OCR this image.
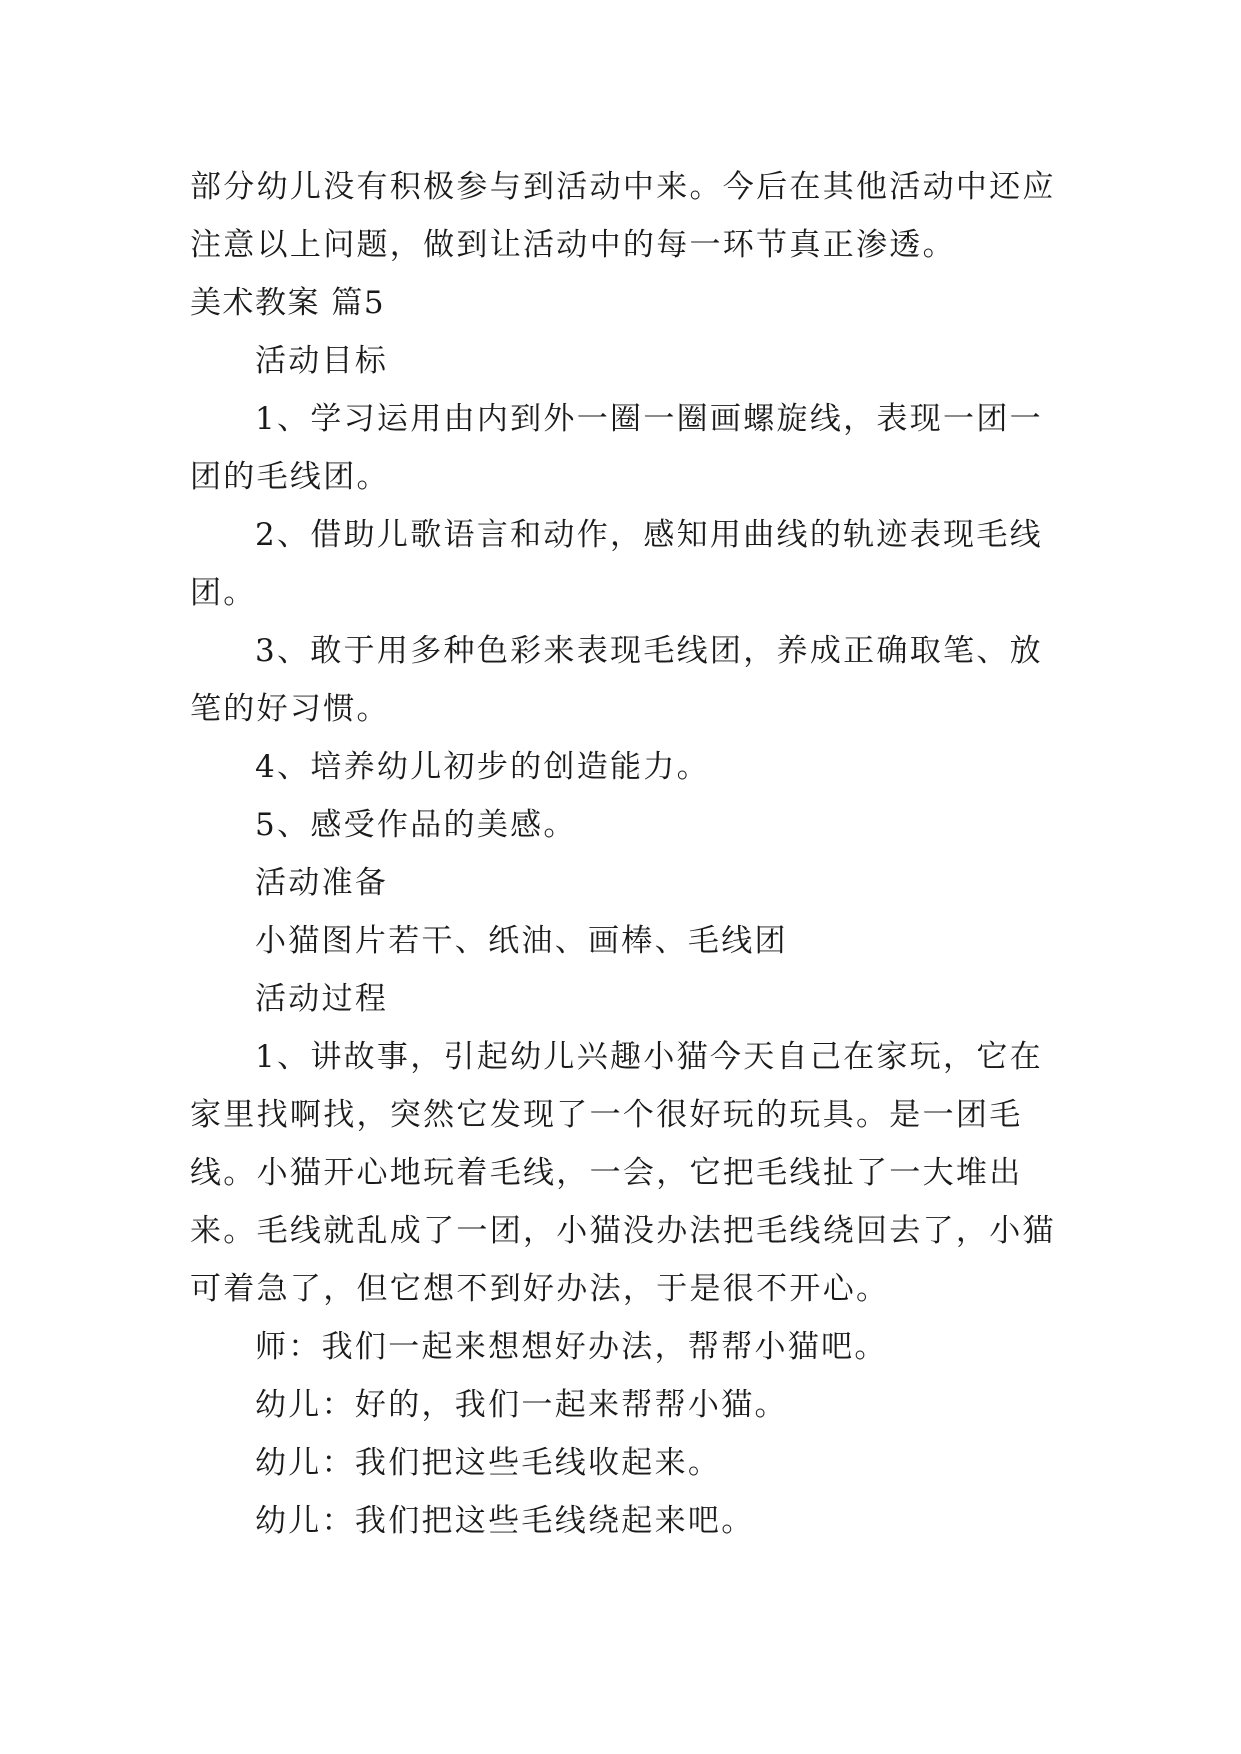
部分幼儿没有积极参与到活动中来。今后在其他活动中还应注意以上问题，做到让活动中的每一环节真正渗透。

美术教案 篇5

活动目标

1、学习运用由内到外一圈一圈画螺旋线，表现一团一团的毛线团。

2、借助儿歌语言和动作，感知用曲线的轨迹表现毛线团。

3、敢于用多种色彩来表现毛线团，养成正确取笔、放笔的好习惯。

4、培养幼儿初步的创造能力。

5、感受作品的美感。

活动准备

小猫图片若干、纸油、画棒、毛线团

活动过程

1、讲故事，引起幼儿兴趣小猫今天自己在家玩，它在家里找啊找，突然它发现了一个很好玩的玩具。是一团毛线。小猫开心地玩着毛线，一会，它把毛线扯了一大堆出来。毛线就乱成了一团，小猫没办法把毛线绕回去了，小猫可着急了，但它想不到好办法，于是很不开心。

师：我们一起来想想好办法，帮帮小猫吧。

幼儿：好的，我们一起来帮帮小猫。

幼儿：我们把这些毛线收起来。

幼儿：我们把这些毛线绕起来吧。
